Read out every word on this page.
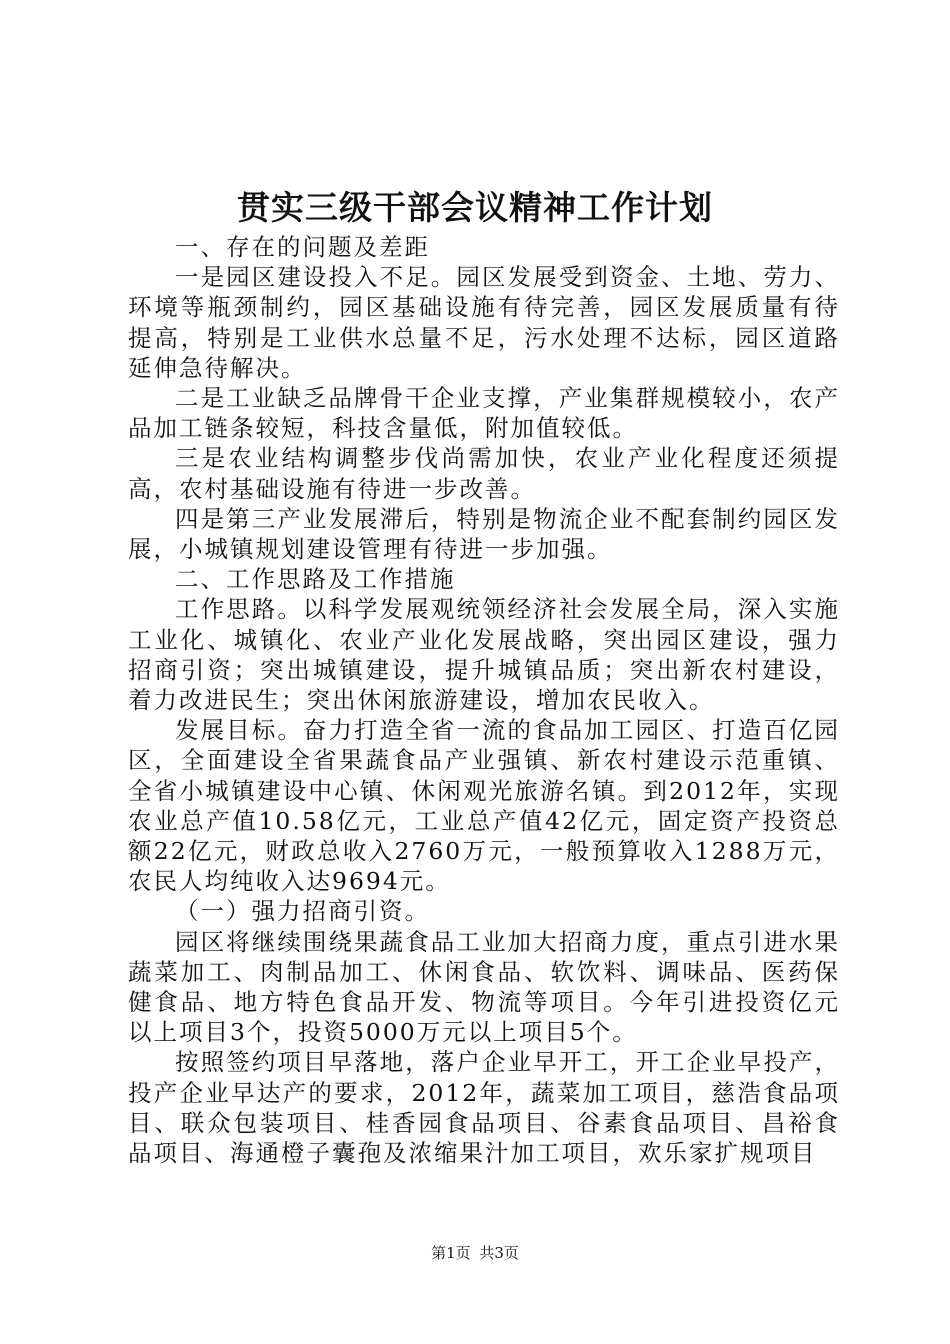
贯实三级干部会议精神工作计划

一、存在的问题及差距

一是园区建设投入不足。园区发展受到资金、土地、劳力、环境等瓶颈制约，园区基础设施有待完善，园区发展质量有待提高，特别是工业供水总量不足，污水处理不达标，园区道路延伸急待解决。

二是工业缺乏品牌骨干企业支撑，产业集群规模较小，农产品加工链条较短，科技含量低，附加值较低。

三是农业结构调整步伐尚需加快，农业产业化程度还须提高，农村基础设施有待进一步改善。

四是第三产业发展滞后，特别是物流企业不配套制约园区发展，小城镇规划建设管理有待进一步加强。

二、工作思路及工作措施

工作思路。以科学发展观统领经济社会发展全局，深入实施工业化、城镇化、农业产业化发展战略，突出园区建设，强力招商引资；突出城镇建设，提升城镇品质；突出新农村建设，着力改进民生；突出休闲旅游建设，增加农民收入。

发展目标。奋力打造全省一流的食品加工园区、打造百亿园区，全面建设全省果蔬食品产业强镇、新农村建设示范重镇、全省小城镇建设中心镇、休闲观光旅游名镇。到2012年，实现农业总产值10.58亿元，工业总产值42亿元，固定资产投资总额22亿元，财政总收入2760万元，一般预算收入1288万元，农民人均纯收入达9694元。

（一）强力招商引资。

园区将继续围绕果蔬食品工业加大招商力度，重点引进水果蔬菜加工、肉制品加工、休闲食品、软饮料、调味品、医药保健食品、地方特色食品开发、物流等项目。今年引进投资亿元以上项目3个，投资5000万元以上项目5个。

按照签约项目早落地，落户企业早开工，开工企业早投产，投产企业早达产的要求，2012年，蔬菜加工项目，慈浩食品项目、联众包装项目、桂香园食品项目、谷素食品项目、昌裕食品项目、海通橙子囊孢及浓缩果汁加工项目，欢乐家扩规项目

第1页 共3页
